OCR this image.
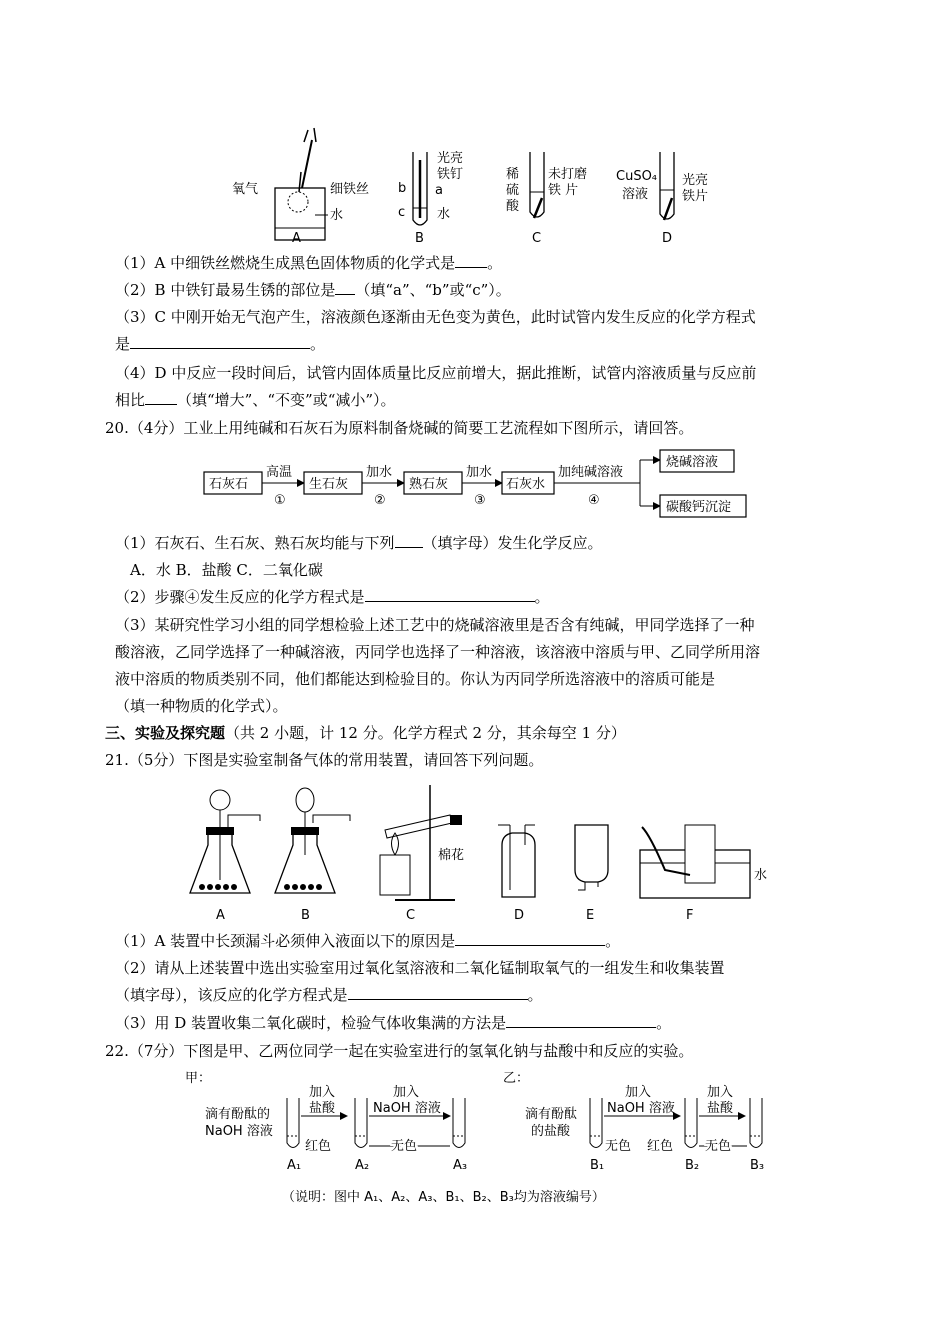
氧气	细铁丝
水
A
光亮
铁钉
a
b
c 水
B
稀
硫
酸
未打磨
铁 片
C
CuSO₄
溶液
光亮
铁片
D
（1）A 中细铁丝燃烧生成黑色固体物质的化学式是 。
（2）B 中铁钉最易生锈的部位是 （填“a”、“b”或“c”）。
（3）C 中刚开始无气泡产生，溶液颜色逐渐由无色变为黄色，此时试管内发生反应的化学方程式
是	。
（4）D 中反应一段时间后，试管内固体质量比反应前增大，据此推断，试管内溶液质量与反应前
相比 （填“增大”、“不变”或“减小”）。
20.（4分）工业上用纯碱和石灰石为原料制备烧碱的简要工艺流程如下图所示，请回答。
石灰石
高温
①
生石灰
加水
②
熟石灰
加水
③
石灰水
加纯碱溶液
④
烧碱溶液
碳酸钙沉淀
（1）石灰石、生石灰、熟石灰均能与下列 （填字母）发生化学反应。
A．水 B．盐酸 C．二氧化碳
（2）步骤④发生反应的化学方程式是	。
（3）某研究性学习小组的同学想检验上述工艺中的烧碱溶液里是否含有纯碱，甲同学选择了一种
酸溶液，乙同学选择了一种碱溶液，丙同学也选择了一种溶液，该溶液中溶质与甲、乙同学所用溶
液中溶质的物质类别不同，他们都能达到检验目的。你认为丙同学所选溶液中的溶质可能是
（填一种物质的化学式）。
三、实验及探究题（共 2 小题，计 12 分。化学方程式 2 分，其余每空 1 分）
21.（5分）下图是实验室制备气体的常用装置，请回答下列问题。
A	B
棉花
C	D	E
水
F
（1）A 装置中长颈漏斗必须伸入液面以下的原因是	。
（2）请从上述装置中选出实验室用过氧化氢溶液和二氧化锰制取氧气的一组发生和收集装置
（填字母），该反应的化学方程式是	。
（3）用 D 装置收集二氧化碳时，检验气体收集满的方法是	。
22.（7分）下图是甲、乙两位同学一起在实验室进行的氢氧化钠与盐酸中和反应的实验。
甲：
滴有酚酞的
NaOH 溶液
红色
A₁
加入
盐酸
A₂
加入
NaOH 溶液
无色
A₃
乙：
滴有酚酞
的盐酸
无色
B₁
加入
NaOH 溶液
红色
B₂
加入
盐酸
无色
B₃
（说明：图中 A₁、A₂、A₃、B₁、B₂、B₃均为溶液编号）
